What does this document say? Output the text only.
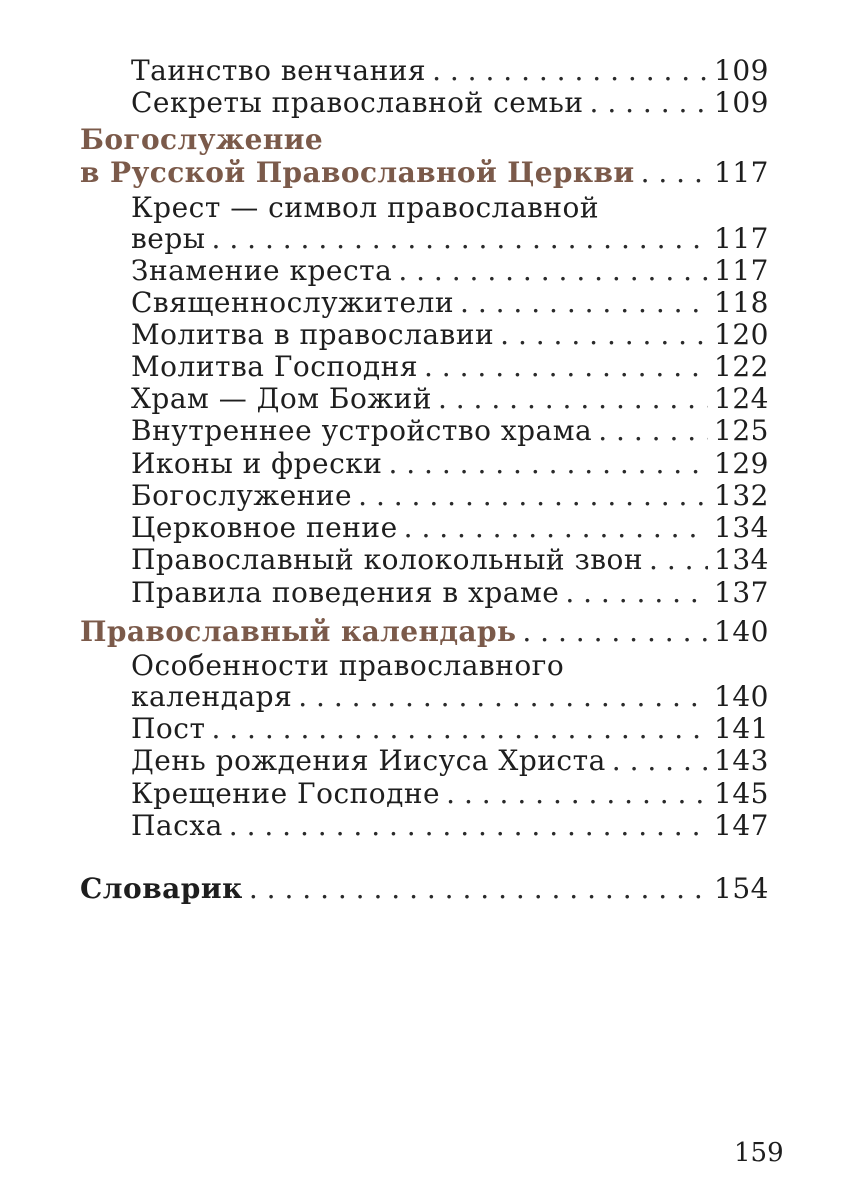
Таинство венчания . . .	109
Секреты православной семьи . . .	109
Богослужение
в Русской Православной Церкви . . .	117
Крест — символ православной
веры . . .	117
Знамение креста . . .	117
Священнослужители . . .	118
Молитва в православии . . .	120
Молитва Господня . . .	122
Храм — Дом Божий . . .	124
Внутреннее устройство храма . . .	125
Иконы и фрески . . .	129
Богослужение . . .	132
Церковное пение . . .	134
Православный колокольный звон . . .	134
Правила поведения в храме . . .	137
Православный календарь . . .	140
Особенности православного
календаря . . .	140
Пост . . .	141
День рождения Иисуса Христа . . .	143
Крещение Господне . . .	145
Пасха . . .	147
Словарик . . .	154
159
